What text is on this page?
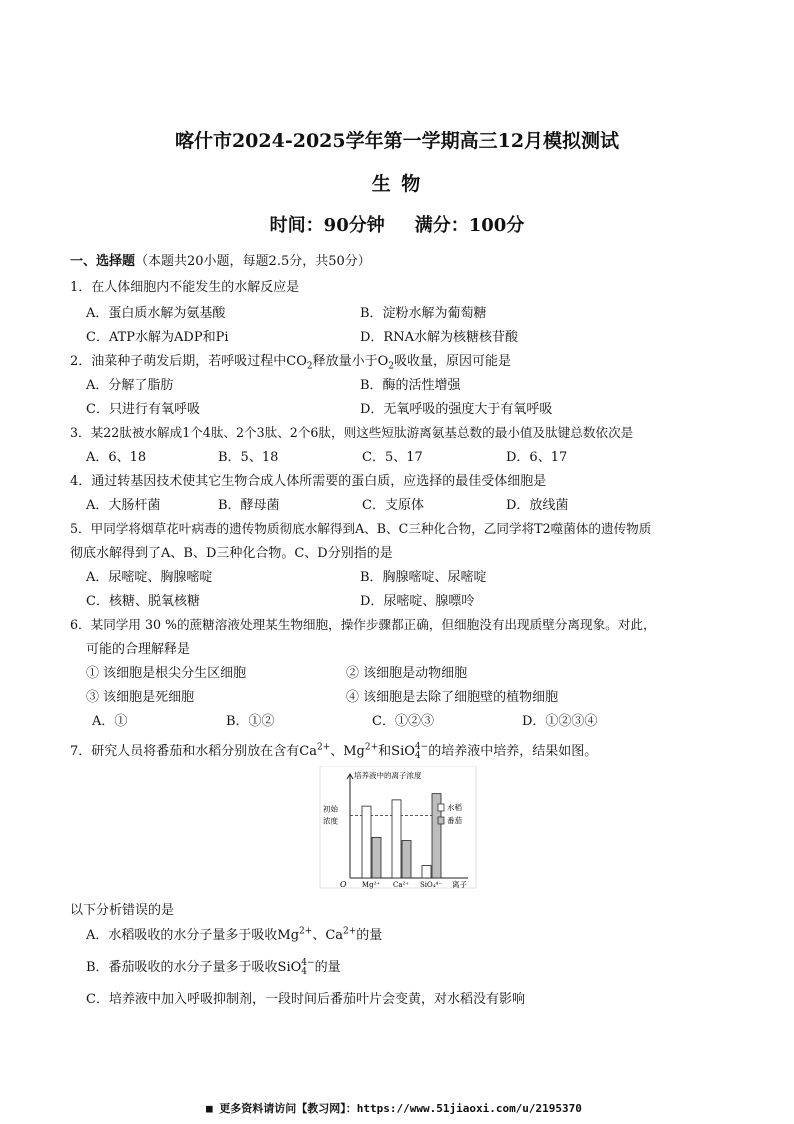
喀什市2024-2025学年第一学期高三12月模拟测试
生 物
时间：90分钟 满分：100分
一、选择题（本题共20小题，每题2.5分，共50分）
1．在人体细胞内不能发生的水解反应是
A．蛋白质水解为氨基酸	B．淀粉水解为葡萄糖
C．ATP水解为ADP和Pi	D．RNA水解为核糖核苷酸
2．油菜种子萌发后期，若呼吸过程中$CO_2$释放量小于$O_2$吸收量，原因可能是
A．分解了脂肪	B．酶的活性增强
C．只进行有氧呼吸	D．无氧呼吸的强度大于有氧呼吸
3．某22肽被水解成1个4肽、2个3肽、2个6肽，则这些短肽游离氨基总数的最小值及肽键总数依次是
A．6、18	B．5、18	C．5、17	D．6、17
4．通过转基因技术使其它生物合成人体所需要的蛋白质，应选择的最佳受体细胞是
A．大肠杆菌	B．酵母菌	C．支原体	D．放线菌
5．甲同学将烟草花叶病毒的遗传物质彻底水解得到A、B、C三种化合物，乙同学将T2噬菌体的遗传物质
彻底水解得到了A、B、D三种化合物。C、D分别指的是
A．尿嘧啶、胸腺嘧啶	B．胸腺嘧啶、尿嘧啶
C．核糖、脱氧核糖	D．尿嘧啶、腺嘌呤
6．某同学用 30 %的蔗糖溶液处理某生物细胞，操作步骤都正确，但细胞没有出现质壁分离现象。对此，
可能的合理解释是
① 该细胞是根尖分生区细胞	② 该细胞是动物细胞
③ 该细胞是死细胞	④ 该细胞是去除了细胞壁的植物细胞
A．①	B．①②	C．①②③	D．①②③④
7．研究人员将番茄和水稻分别放在含有$Ca^{2+}$、$Mg^{2+}$和SiO 4−
4 的培养液中培养，结果如图。
Mg²⁺ Ca²⁺ SiO₄⁴⁻
培养液中的离子浓度
初始
浓度
O	离子
水稻
番茄
以下分析错误的是
A．水稻吸收的水分子量多于吸收$Mg^{2+}$、$Ca^{2+}$的量
B．番茄吸收的水分子量多于吸收SiO 4−
4 的量
C．培养液中加入呼吸抑制剂，一段时间后番茄叶片会变黄，对水稻没有影响
■ 更多资料请访问【教习网】：https://www.51jiaoxi.com/u/2195370
